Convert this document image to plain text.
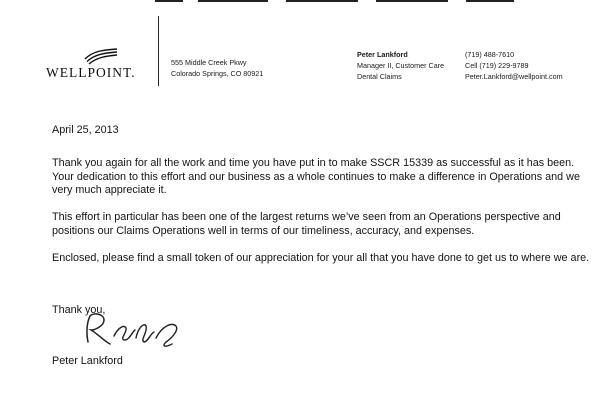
WELLPOINT.
555 Middle Creek Pkwy
Colorado Springs, CO 80921
Peter Lankford
Manager II, Customer Care
Dental Claims
(719) 488-7610
Cell (719) 229-9789
Peter.Lankford@wellpoint.com
April 25, 2013
Thank you again for all the work and time you have put in to make SSCR 15339 as successful as it has been. Your dedication to this effort and our business as a whole continues to make a difference in Operations and we very much appreciate it.
This effort in particular has been one of the largest returns we’ve seen from an Operations perspective and positions our Claims Operations well in terms of our timeliness, accuracy, and expenses.
Enclosed, please find a small token of our appreciation for your all that you have done to get us to where we are.
Thank you,
Peter Lankford
